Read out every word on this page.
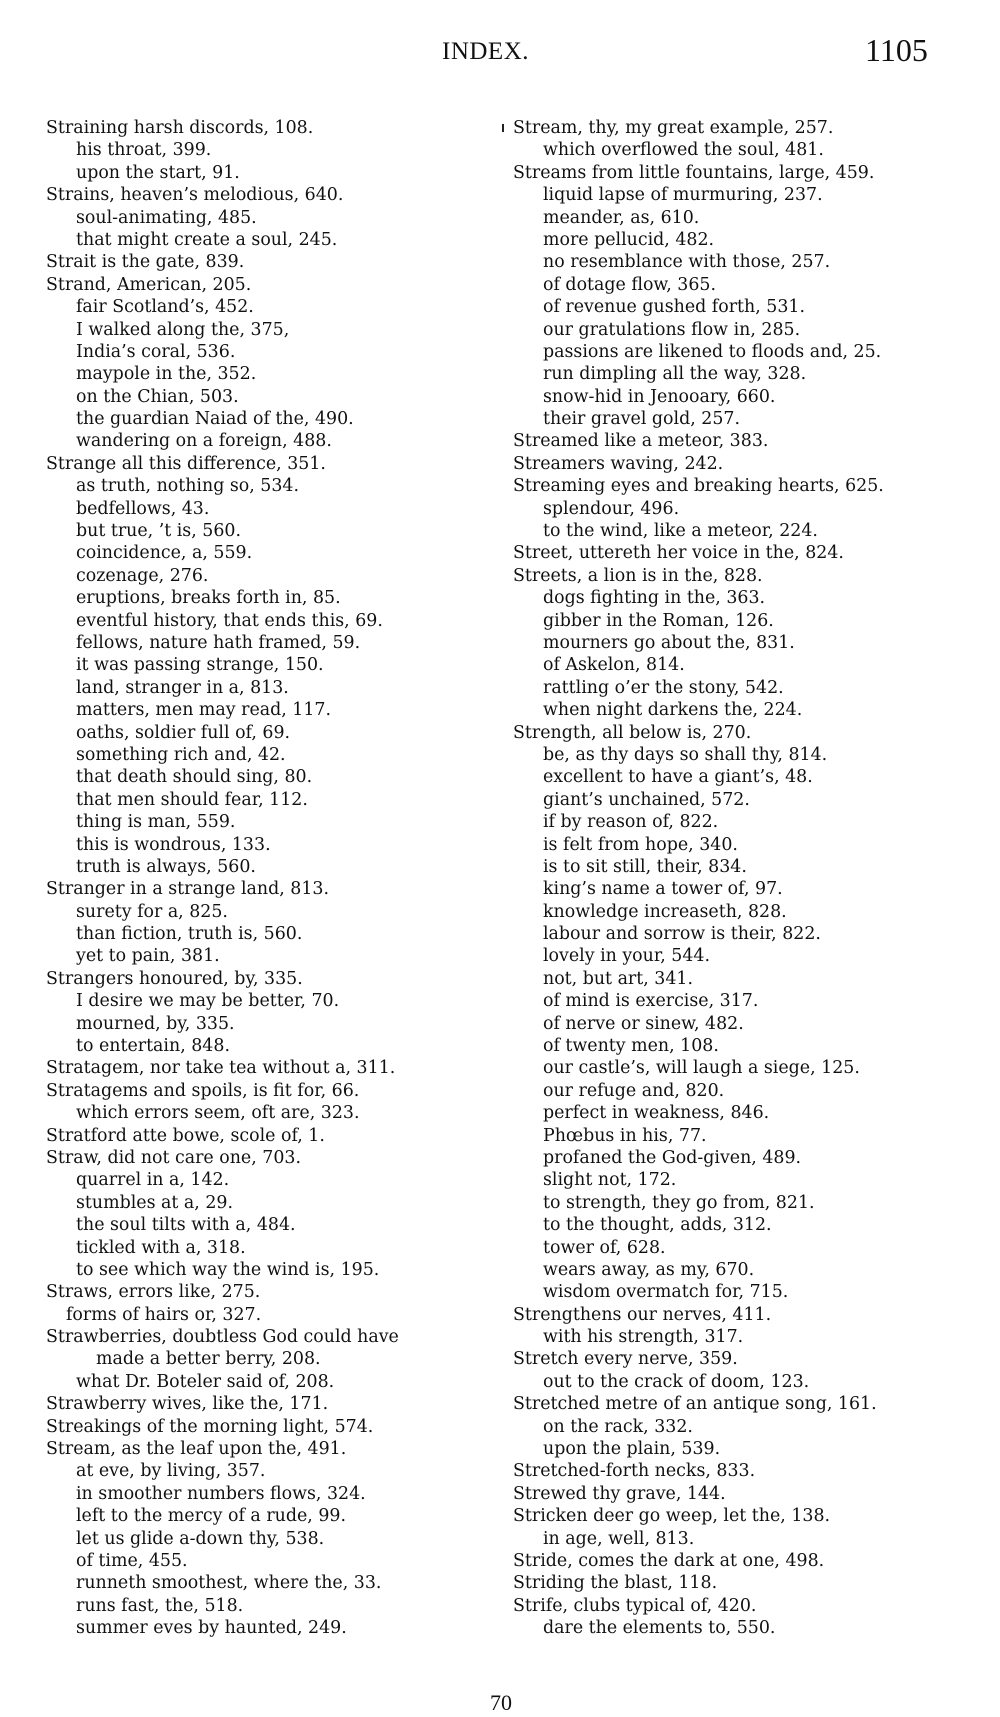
INDEX.	1105
Straining harsh discords, 108.
his throat, 399.
upon the start, 91.
Strains, heaven’s melodious, 640.
soul-animating, 485.
that might create a soul, 245.
Strait is the gate, 839.
Strand, American, 205.
fair Scotland’s, 452.
I walked along the, 375,
India’s coral, 536.
maypole in the, 352.
on the Chian, 503.
the guardian Naiad of the, 490.
wandering on a foreign, 488.
Strange all this difference, 351.
as truth, nothing so, 534.
bedfellows, 43.
but true, ’t is, 560.
coincidence, a, 559.
cozenage, 276.
eruptions, breaks forth in, 85.
eventful history, that ends this, 69.
fellows, nature hath framed, 59.
it was passing strange, 150.
land, stranger in a, 813.
matters, men may read, 117.
oaths, soldier full of, 69.
something rich and, 42.
that death should sing, 80.
that men should fear, 112.
thing is man, 559.
this is wondrous, 133.
truth is always, 560.
Stranger in a strange land, 813.
surety for a, 825.
than fiction, truth is, 560.
yet to pain, 381.
Strangers honoured, by, 335.
I desire we may be better, 70.
mourned, by, 335.
to entertain, 848.
Stratagem, nor take tea without a, 311.
Stratagems and spoils, is fit for, 66.
which errors seem, oft are, 323.
Stratford atte bowe, scole of, 1.
Straw, did not care one, 703.
quarrel in a, 142.
stumbles at a, 29.
the soul tilts with a, 484.
tickled with a, 318.
to see which way the wind is, 195.
Straws, errors like, 275.
forms of hairs or, 327.
Strawberries, doubtless God could have
made a better berry, 208.
what Dr. Boteler said of, 208.
Strawberry wives, like the, 171.
Streakings of the morning light, 574.
Stream, as the leaf upon the, 491.
at eve, by living, 357.
in smoother numbers flows, 324.
left to the mercy of a rude, 99.
let us glide a-down thy, 538.
of time, 455.
runneth smoothest, where the, 33.
runs fast, the, 518.
summer eves by haunted, 249.
Stream, thy, my great example, 257.
which overflowed the soul, 481.
Streams from little fountains, large, 459.
liquid lapse of murmuring, 237.
meander, as, 610.
more pellucid, 482.
no resemblance with those, 257.
of dotage flow, 365.
of revenue gushed forth, 531.
our gratulations flow in, 285.
passions are likened to floods and, 25.
run dimpling all the way, 328.
snow-hid in Jenooary, 660.
their gravel gold, 257.
Streamed like a meteor, 383.
Streamers waving, 242.
Streaming eyes and breaking hearts, 625.
splendour, 496.
to the wind, like a meteor, 224.
Street, uttereth her voice in the, 824.
Streets, a lion is in the, 828.
dogs fighting in the, 363.
gibber in the Roman, 126.
mourners go about the, 831.
of Askelon, 814.
rattling o’er the stony, 542.
when night darkens the, 224.
Strength, all below is, 270.
be, as thy days so shall thy, 814.
excellent to have a giant’s, 48.
giant’s unchained, 572.
if by reason of, 822.
is felt from hope, 340.
is to sit still, their, 834.
king’s name a tower of, 97.
knowledge increaseth, 828.
labour and sorrow is their, 822.
lovely in your, 544.
not, but art, 341.
of mind is exercise, 317.
of nerve or sinew, 482.
of twenty men, 108.
our castle’s, will laugh a siege, 125.
our refuge and, 820.
perfect in weakness, 846.
Phœbus in his, 77.
profaned the God-given, 489.
slight not, 172.
to strength, they go from, 821.
to the thought, adds, 312.
tower of, 628.
wears away, as my, 670.
wisdom overmatch for, 715.
Strengthens our nerves, 411.
with his strength, 317.
Stretch every nerve, 359.
out to the crack of doom, 123.
Stretched metre of an antique song, 161.
on the rack, 332.
upon the plain, 539.
Stretched-forth necks, 833.
Strewed thy grave, 144.
Stricken deer go weep, let the, 138.
in age, well, 813.
Stride, comes the dark at one, 498.
Striding the blast, 118.
Strife, clubs typical of, 420.
dare the elements to, 550.
70
